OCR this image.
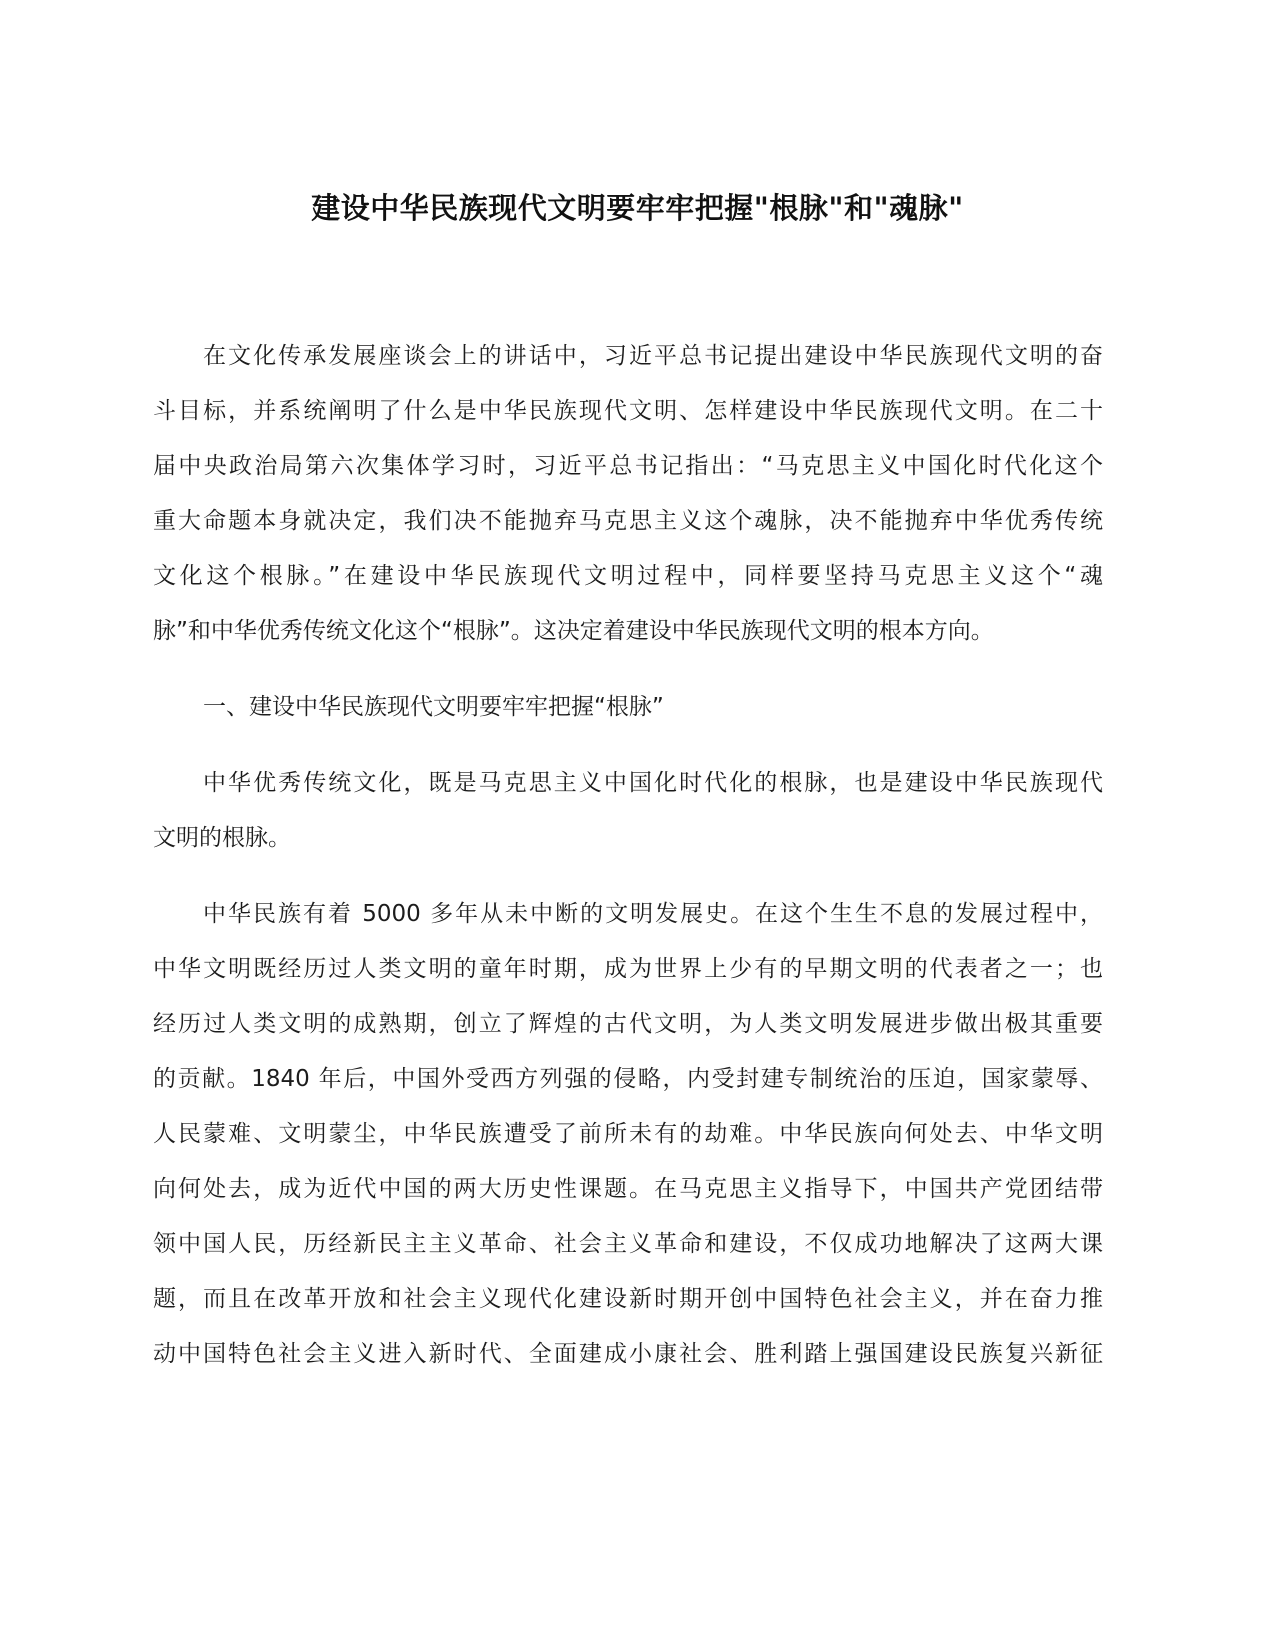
建设中华民族现代文明要牢牢把握"根脉"和"魂脉"
在文化传承发展座谈会上的讲话中，习近平总书记提出建设中华民族现代文明的奋
斗目标，并系统阐明了什么是中华民族现代文明、怎样建设中华民族现代文明。在二十
届中央政治局第六次集体学习时，习近平总书记指出：“马克思主义中国化时代化这个
重大命题本身就决定，我们决不能抛弃马克思主义这个魂脉，决不能抛弃中华优秀传统
文化这个根脉。”在建设中华民族现代文明过程中，同样要坚持马克思主义这个“魂
脉”和中华优秀传统文化这个“根脉”。这决定着建设中华民族现代文明的根本方向。
一、建设中华民族现代文明要牢牢把握“根脉”
中华优秀传统文化，既是马克思主义中国化时代化的根脉，也是建设中华民族现代
文明的根脉。
中华民族有着 5000 多年从未中断的文明发展史。在这个生生不息的发展过程中，
中华文明既经历过人类文明的童年时期，成为世界上少有的早期文明的代表者之一；也
经历过人类文明的成熟期，创立了辉煌的古代文明，为人类文明发展进步做出极其重要
的贡献。1840 年后，中国外受西方列强的侵略，内受封建专制统治的压迫，国家蒙辱、
人民蒙难、文明蒙尘，中华民族遭受了前所未有的劫难。中华民族向何处去、中华文明
向何处去，成为近代中国的两大历史性课题。在马克思主义指导下，中国共产党团结带
领中国人民，历经新民主主义革命、社会主义革命和建设，不仅成功地解决了这两大课
题，而且在改革开放和社会主义现代化建设新时期开创中国特色社会主义，并在奋力推
动中国特色社会主义进入新时代、全面建成小康社会、胜利踏上强国建设民族复兴新征
